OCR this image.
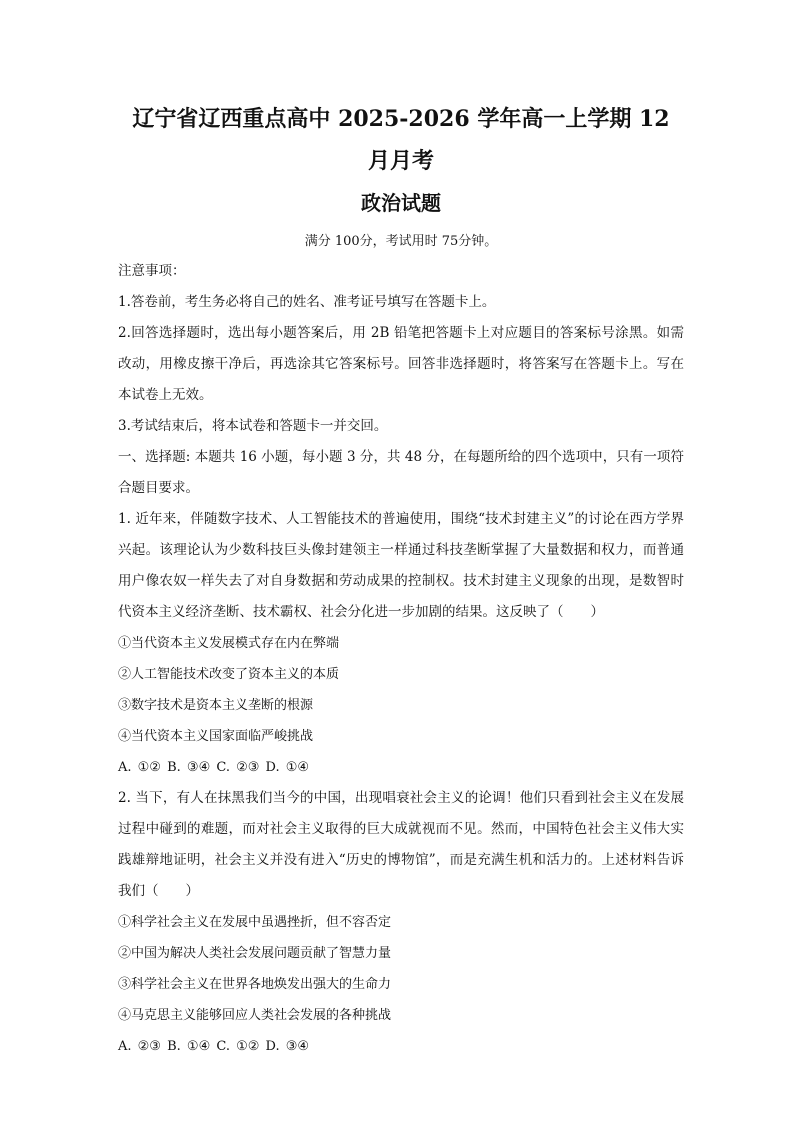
辽宁省辽西重点高中 2025-2026 学年高一上学期 12 月月考
政治试题
满分 100分，考试用时 75分钟。

注意事项：

1.答卷前，考生务必将自己的姓名、准考证号填写在答题卡上。

2.回答选择题时，选出每小题答案后，用 2B 铅笔把答题卡上对应题目的答案标号涂黑。如需改动，用橡皮擦干净后，再选涂其它答案标号。回答非选择题时，将答案写在答题卡上。写在本试卷上无效。

3.考试结束后，将本试卷和答题卡一并交回。

一、选择题: 本题共 16 小题，每小题 3 分，共 48 分，在每题所给的四个选项中，只有一项符合题目要求。

1. 近年来，伴随数字技术、人工智能技术的普遍使用，围绕“技术封建主义”的讨论在西方学界兴起。该理论认为少数科技巨头像封建领主一样通过科技垄断掌握了大量数据和权力，而普通用户像农奴一样失去了对自身数据和劳动成果的控制权。技术封建主义现象的出现，是数智时代资本主义经济垄断、技术霸权、社会分化进一步加剧的结果。这反映了（　　）

①当代资本主义发展模式存在内在弊端

②人工智能技术改变了资本主义的本质

③数字技术是资本主义垄断的根源

④当代资本主义国家面临严峻挑战

A. ①② B. ③④ C. ②③ D. ①④

2. 当下，有人在抹黑我们当今的中国，出现唱衰社会主义的论调！他们只看到社会主义在发展过程中碰到的难题，而对社会主义取得的巨大成就视而不见。然而，中国特色社会主义伟大实践雄辩地证明，社会主义并没有进入“历史的博物馆”，而是充满生机和活力的。上述材料告诉我们（　　）

①科学社会主义在发展中虽遇挫折，但不容否定

②中国为解决人类社会发展问题贡献了智慧力量

③科学社会主义在世界各地焕发出强大的生命力

④马克思主义能够回应人类社会发展的各种挑战

A. ②③ B. ①④ C. ①② D. ③④
